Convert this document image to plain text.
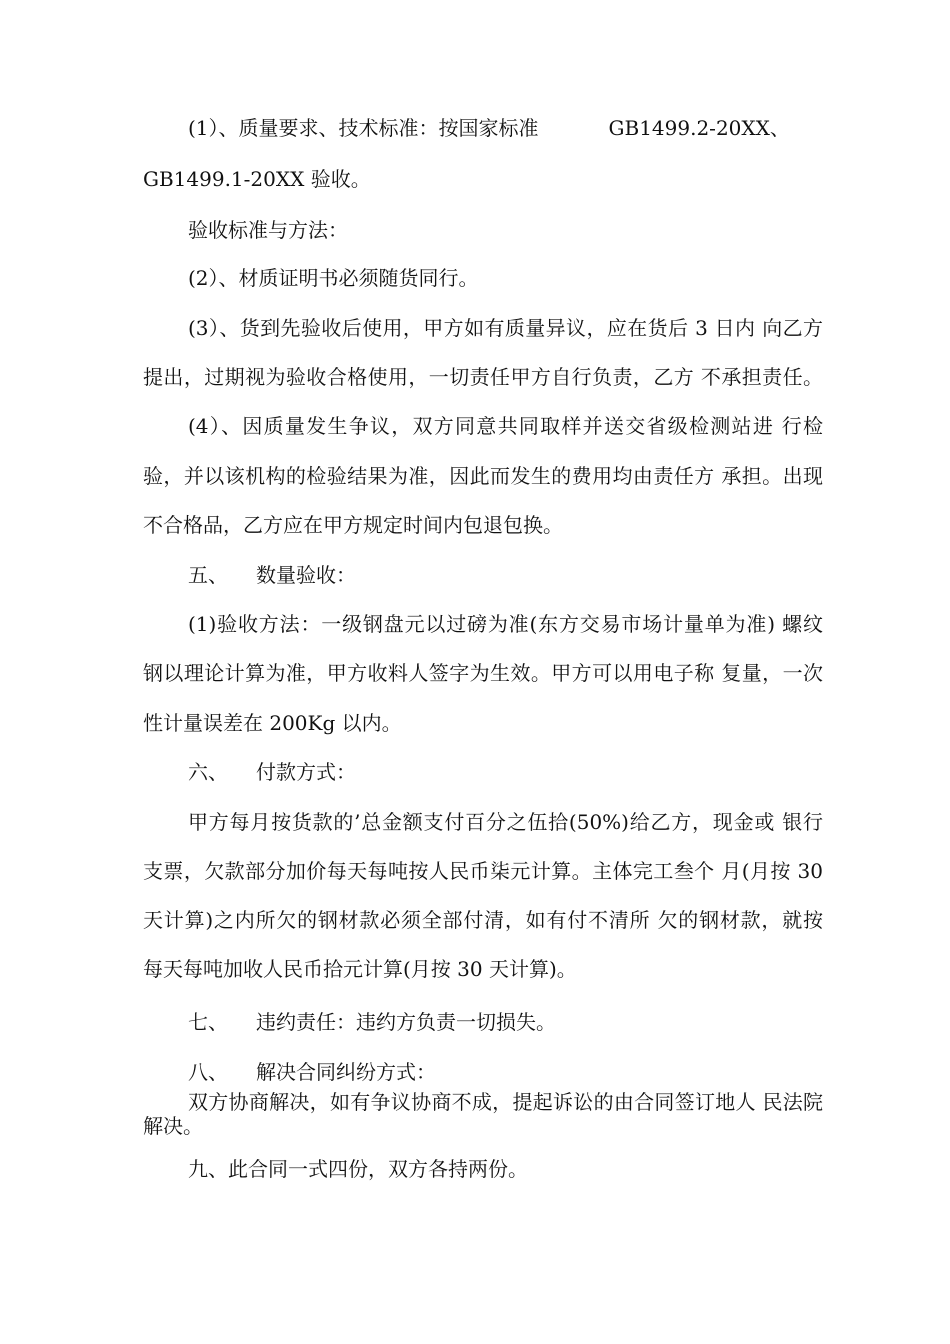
(1）、质量要求、技术标准：按国家标准	GB1499.2-20XX、
GB1499.1-20XX 验收。
验收标准与方法：
(2）、材质证明书必须随货同行。
(3）、货到先验收后使用，甲方如有质量异议，应在货后 3 日内 向乙方
提出，过期视为验收合格使用，一切责任甲方自行负责，乙方 不承担责任。
(4）、因质量发生争议，双方同意共同取样并送交省级检测站进 行检
验，并以该机构的检验结果为准，因此而发生的费用均由责任方 承担。出现
不合格品，乙方应在甲方规定时间内包退包换。
五、 数量验收：
(1)验收方法：一级钢盘元以过磅为准(东方交易市场计量单为准) 螺纹
钢以理论计算为准，甲方收料人签字为生效。甲方可以用电子称 复量，一次
性计量误差在 200Kg 以内。
六、 付款方式：
甲方每月按货款的’总金额支付百分之伍拾(50%)给乙方，现金或 银行
支票，欠款部分加价每天每吨按人民币柒元计算。主体完工叁个 月(月按 30
天计算)之内所欠的钢材款必须全部付清，如有付不清所 欠的钢材款，就按
每天每吨加收人民币拾元计算(月按 30 天计算)。
七、 违约责任：违约方负责一切损失。
八、 解决合同纠纷方式：
双方协商解决，如有争议协商不成，提起诉讼的由合同签订地人 民法院
解决。
九、此合同一式四份，双方各持两份。
